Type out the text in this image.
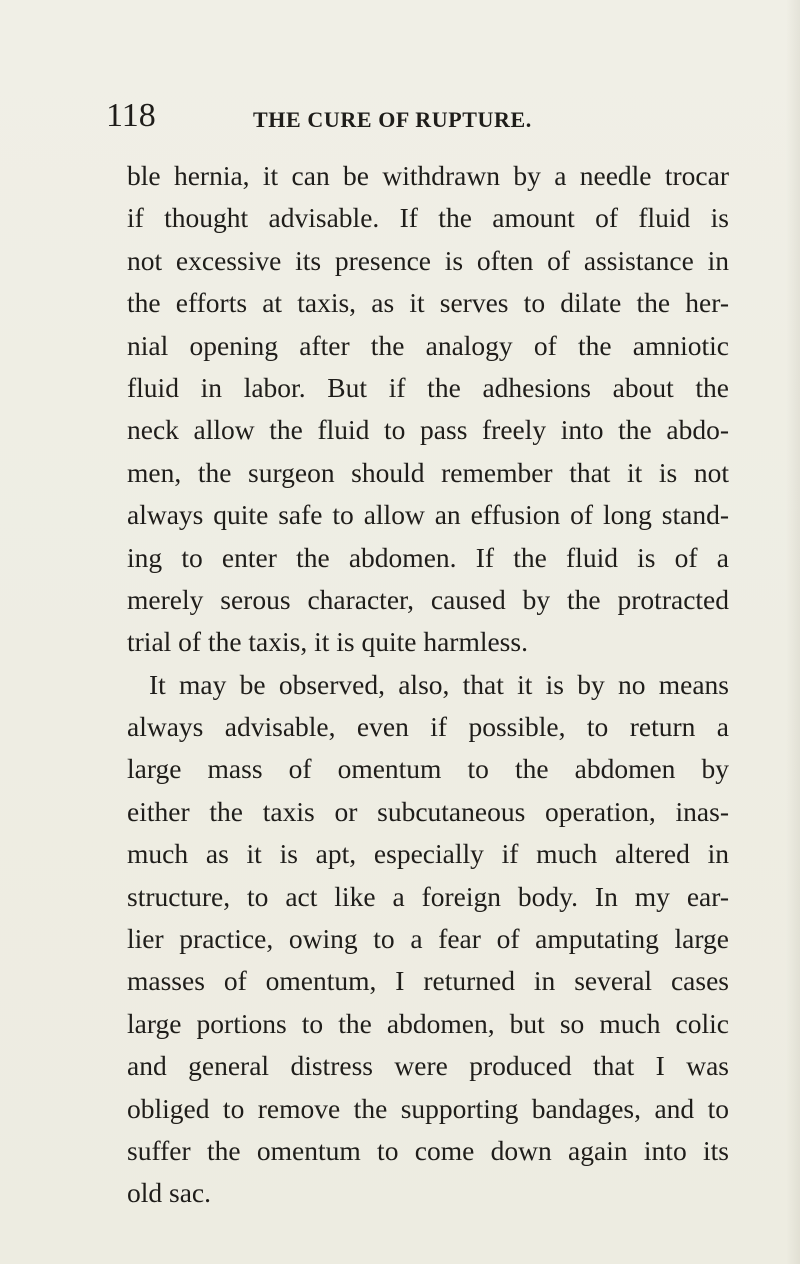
118	THE CURE OF RUPTURE.
ble hernia, it can be withdrawn by a needle trocar
if thought advisable. If the amount of fluid is
not excessive its presence is often of assistance in
the efforts at taxis, as it serves to dilate the her-
nial opening after the analogy of the amniotic
fluid in labor. But if the adhesions about the
neck allow the fluid to pass freely into the abdo-
men, the surgeon should remember that it is not
always quite safe to allow an effusion of long stand-
ing to enter the abdomen. If the fluid is of a
merely serous character, caused by the protracted
trial of the taxis, it is quite harmless.
It may be observed, also, that it is by no means
always advisable, even if possible, to return a
large mass of omentum to the abdomen by
either the taxis or subcutaneous operation, inas-
much as it is apt, especially if much altered in
structure, to act like a foreign body. In my ear-
lier practice, owing to a fear of amputating large
masses of omentum, I returned in several cases
large portions to the abdomen, but so much colic
and general distress were produced that I was
obliged to remove the supporting bandages, and to
suffer the omentum to come down again into its
old sac.
